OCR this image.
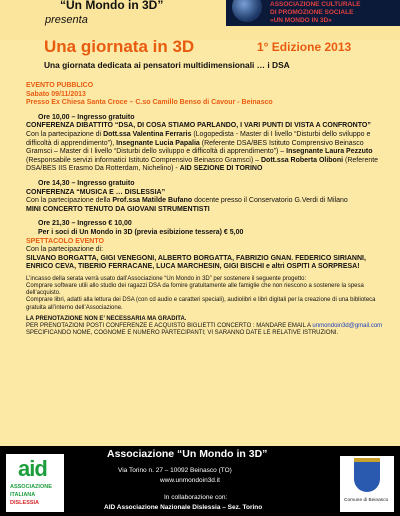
“Un Mondo in 3D”
presenta
ASSOCIAZIONE CULTURALE
DI PROMOZIONE SOCIALE
«UN MONDO IN 3D»
Una giornata in 3D	1° Edizione 2013
Una giornata dedicata ai pensatori multidimensionali … i DSA

EVENTO PUBBLICO

Sabato 09/11/2013

Presso Ex Chiesa Santa Croce – C.so Camillo Benso di Cavour - Beinasco

Ore 10,00 – Ingresso gratuito

CONFERENZA DIBATTITO “DSA, DI COSA STIAMO PARLANDO, I VARI PUNTI DI VISTA A CONFRONTO”

Con la partecipazione di Dott.ssa Valentina Ferraris (Logopedista - Master di I livello “Disturbi dello sviluppo e difficoltà di apprendimento”), Insegnante Lucia Papalia (Referente DSA/BES Istituto Comprensivo Beinasco Gramsci – Master di I livello “Disturbi dello sviluppo e difficoltà di apprendimento”) – Insegnante Laura Pezzuto (Responsabile servizi informatici Istituto Comprensivo Beinasco Gramsci) – Dott.ssa Roberta Oliboni (Referente DSA/BES IIS Erasmo Da Rotterdam, Nichelino) - AID SEZIONE DI TORINO

Ore 14,30 – Ingresso gratuito

CONFERENZA “MUSICA E … DISLESSIA”

Con la partecipazione della Prof.ssa Matilde Bufano docente presso il Conservatorio G.Verdi di Milano

MINI CONCERTO TENUTO DA GIOVANI STRUMENTISTI

Ore 21,30 – Ingresso € 10,00

Per i soci di Un Mondo in 3D (previa esibizione tessera) € 5,00

SPETTACOLO EVENTO

Con la partecipazione di:

SILVANO BORGATTA, GIGI VENEGONI, ALBERTO BORGATTA, FABRIZIO GNAN. FEDERICO SIRIANNI, ENRICO CEVA, TIBERIO FERRACANE, LUCA MARCHESIN, GIGI BISCHI e altri OSPITI A SORPRESA!

L’incasso della serata verrà usato dall’Associazione “Un Mondo in 3D” per sostenere il seguente progetto:

Comprare software utili allo studio dei ragazzi DSA da fornire gratuitamente alle famiglie che non riescono a sostenere la spesa dell’acquisto.

Comprare libri, adatti alla lettura dei DSA (con cd audio e caratteri speciali), audiolibri e libri digitali per la creazione di una biblioteca gratuita all’interno dell’Associazione.

LA PRENOTAZIONE NON E’ NECESSARIA MA GRADITA.

PER PRENOTAZIONI POSTI CONFERENZE E ACQUISTO BIGLIETTI CONCERTO : MANDARE EMAIL A unmondoin3d@gmail.com

SPECIFICANDO NOME, COGNOME E NUMERO PARTECIPANTI; VI SARANNO DATE LE RELATIVE ISTRUZIONI.

aid
ASSOCIAZIONE
ITALIANA
DISLESSIA
Associazione “Un Mondo in 3D”
Via Torino n. 27 – 10092 Beinasco (TO)
www.unmondoin3d.it
In collaborazione con:
AID Associazione Nazionale Dislessia – Sez. Torino
Comune di Beinasco
